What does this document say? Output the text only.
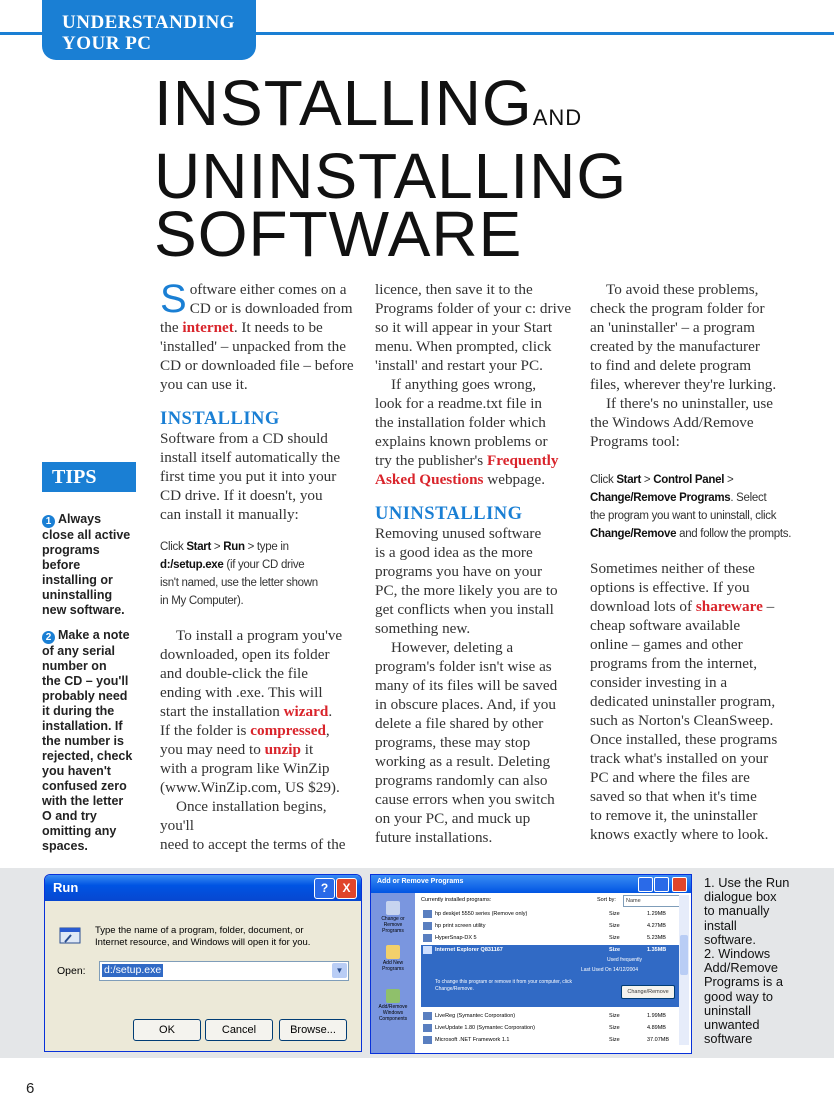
UNDERSTANDING
YOUR PC
INSTALLINGAND
UNINSTALLING
SOFTWARE
TIPS
1 Always
close all active
programs
before
installing or
uninstalling
new software.
2 Make a note
of any serial
number on
the CD – you'll
probably need
it during the
installation. If
the number is
rejected, check
you haven't
confused zero
with the letter
O and try
omitting any
spaces.
S oftware either comes on a

CD or is downloaded from

the internet. It needs to be

'installed' – unpacked from the

CD or downloaded file – before

you can use it.

INSTALLING

Software from a CD should

install itself automatically the

first time you put it into your

CD drive. If it doesn't, you

can install it manually:

Click Start > Run > type in
d:/setup.exe (if your CD drive
isn't named, use the letter shown
in My Computer).

To install a program you've

downloaded, open its folder

and double-click the file

ending with .exe. This will

start the installation wizard.

If the folder is compressed,

you may need to unzip it

with a program like WinZip

(www.WinZip.com, US $29).

Once installation begins, you'll

need to accept the terms of the

licence, then save it to the

Programs folder of your c: drive

so it will appear in your Start

menu. When prompted, click

'install' and restart your PC.

If anything goes wrong,

look for a readme.txt file in

the installation folder which

explains known problems or

try the publisher's Frequently

Asked Questions webpage.

UNINSTALLING

Removing unused software

is a good idea as the more

programs you have on your

PC, the more likely you are to

get conflicts when you install

something new.

However, deleting a

program's folder isn't wise as

many of its files will be saved

in obscure places. And, if you

delete a file shared by other

programs, these may stop

working as a result. Deleting

programs randomly can also

cause errors when you switch

on your PC, and muck up

future installations.

To avoid these problems,

check the program folder for

an 'uninstaller' – a program

created by the manufacturer

to find and delete program

files, wherever they're lurking.

If there's no uninstaller, use

the Windows Add/Remove

Programs tool:

Click Start > Control Panel >
Change/Remove Programs. Select
the program you want to uninstall, click
Change/Remove and follow the prompts.

Sometimes neither of these

options is effective. If you

download lots of shareware –

cheap software available

online – games and other

programs from the internet,

consider investing in a

dedicated uninstaller program,

such as Norton's CleanSweep.

Once installed, these programs

track what's installed on your

PC and where the files are

saved so that when it's time

to remove it, the uninstaller

knows exactly where to look.

Run	?	X
Type the name of a program, folder, document, or
Internet resource, and Windows will open it for you.
Open: d:/setup.exe	▼
OK	Cancel	Browse...
Add or Remove Programs
Change or Remove Programs
Add New Programs
Add/Remove Windows Components
Currently installed programs:	Sort by:	Name
hp deskjet 5550 series (Remove only)	Size	1.29MB
hp print screen utility	Size	4.27MB
HyperSnap-DX 5	Size	5.23MB
Internet Explorer Q831167	Size	1.35MB
Used frequently
Last Used On 14/12/2004
To change this program or remove it from your computer, click Change/Remove.	Change/Remove
LiveReg (Symantec Corporation)	Size	1.99MB
LiveUpdate 1.80 (Symantec Corporation)	Size	4.89MB
Microsoft .NET Framework 1.1	Size	37.07MB
1. Use the Run
dialogue box
to manually
install
software.
2. Windows
Add/Remove
Programs is a
good way to
uninstall
unwanted
software
6
